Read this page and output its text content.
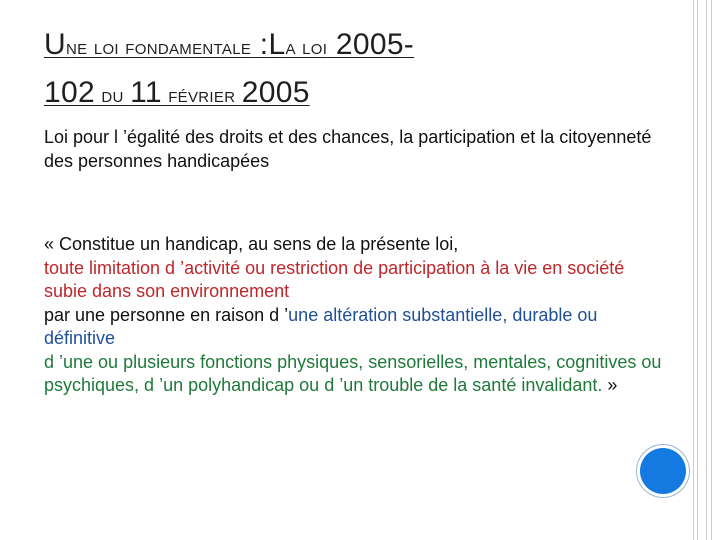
Une loi fondamentale :La loi 2005-
102 du 11 février 2005
Loi pour l ’égalité des droits et des chances, la participation et la citoyenneté des personnes handicapées
« Constitue un handicap, au sens de la présente loi,
toute limitation d ’activité ou restriction de participation à la vie en société subie dans son environnement
par une personne en raison d ’une altération substantielle, durable ou définitive
d ’une ou plusieurs fonctions physiques, sensorielles, mentales, cognitives ou psychiques, d ’un polyhandicap ou d ’un trouble de la santé invalidant. »
